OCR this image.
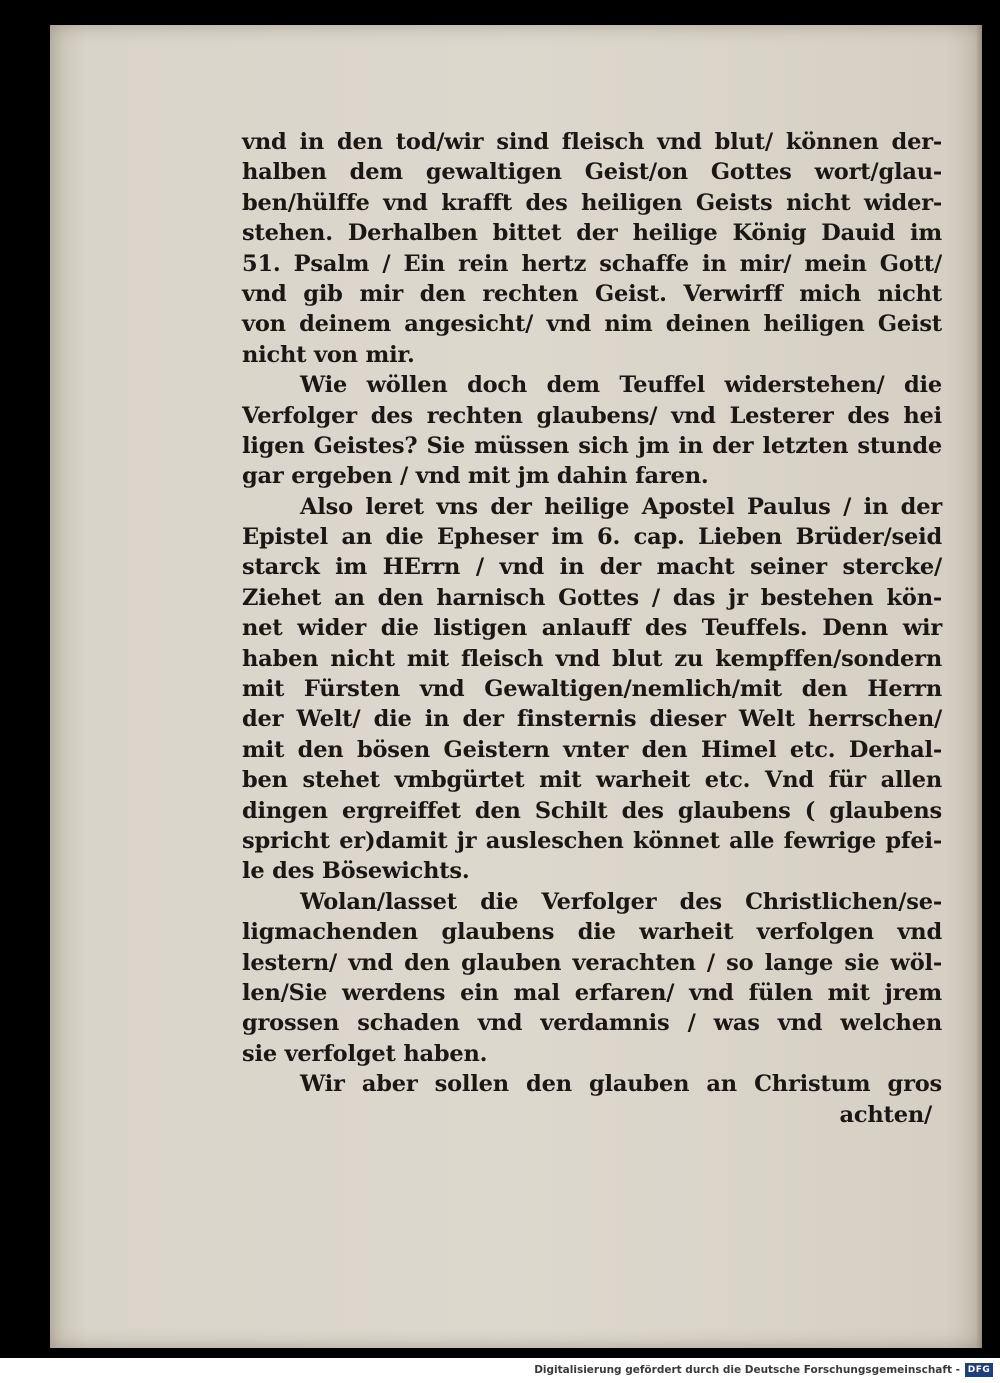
vnd in den tod/wir sind fleisch vnd blut/ können der-
halben dem gewaltigen Geist/on Gottes wort/glau-
ben/hülffe vnd krafft des heiligen Geists nicht wider-
stehen. Derhalben bittet der heilige König Dauid im
51. Psalm / Ein rein hertz schaffe in mir/ mein Gott/
vnd gib mir den rechten Geist. Verwirff mich nicht
von deinem angesicht/ vnd nim deinen heiligen Geist
nicht von mir.
Wie wöllen doch dem Teuffel widerstehen/ die
Verfolger des rechten glaubens/ vnd Lesterer des hei
ligen Geistes? Sie müssen sich jm in der letzten stunde
gar ergeben / vnd mit jm dahin faren.
Also leret vns der heilige Apostel Paulus / in der
Epistel an die Epheser im 6. cap. Lieben Brüder/seid
starck im HErrn / vnd in der macht seiner stercke/
Ziehet an den harnisch Gottes / das jr bestehen kön-
net wider die listigen anlauff des Teuffels. Denn wir
haben nicht mit fleisch vnd blut zu kempffen/sondern
mit Fürsten vnd Gewaltigen/nemlich/mit den Herrn
der Welt/ die in der finsternis dieser Welt herrschen/
mit den bösen Geistern vnter den Himel etc. Derhal-
ben stehet vmbgürtet mit warheit etc. Vnd für allen
dingen ergreiffet den Schilt des glaubens ( glaubens
spricht er)damit jr ausleschen könnet alle fewrige pfei-
le des Bösewichts.
Wolan/lasset die Verfolger des Christlichen/se-
ligmachenden glaubens die warheit verfolgen vnd
lestern/ vnd den glauben verachten / so lange sie wöl-
len/Sie werdens ein mal erfaren/ vnd fülen mit jrem
grossen schaden vnd verdamnis / was vnd welchen
sie verfolget haben.
Wir aber sollen den glauben an Christum gros
achten/
Digitalisierung gefördert durch die Deutsche Forschungsgemeinschaft - DFG
